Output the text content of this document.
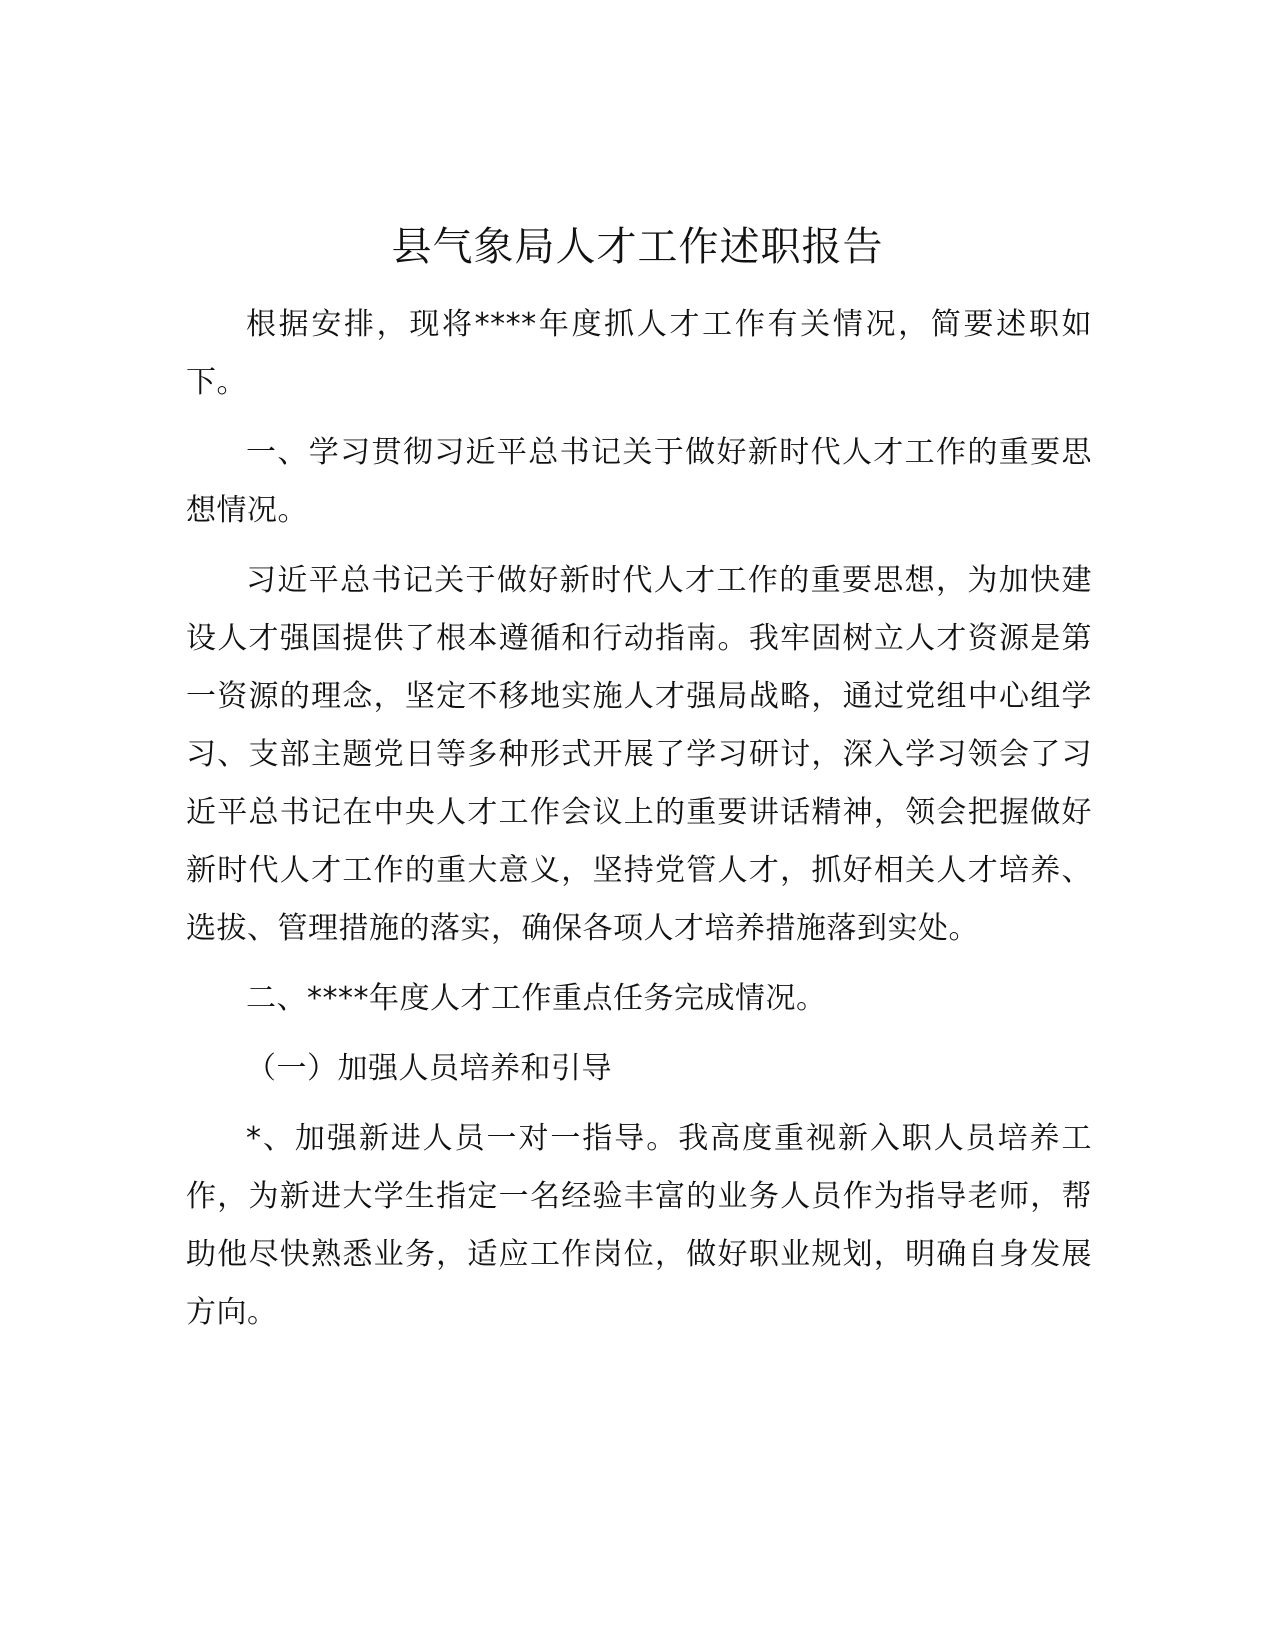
县气象局人才工作述职报告

根据安排，现将****年度抓人才工作有关情况，简要述职如下。

一、学习贯彻习近平总书记关于做好新时代人才工作的重要思想情况。

习近平总书记关于做好新时代人才工作的重要思想，为加快建设人才强国提供了根本遵循和行动指南。我牢固树立人才资源是第一资源的理念，坚定不移地实施人才强局战略，通过党组中心组学习、支部主题党日等多种形式开展了学习研讨，深入学习领会了习近平总书记在中央人才工作会议上的重要讲话精神，领会把握做好新时代人才工作的重大意义，坚持党管人才，抓好相关人才培养、选拔、管理措施的落实，确保各项人才培养措施落到实处。

二、****年度人才工作重点任务完成情况。

（一）加强人员培养和引导

*、加强新进人员一对一指导。我高度重视新入职人员培养工作，为新进大学生指定一名经验丰富的业务人员作为指导老师，帮助他尽快熟悉业务，适应工作岗位，做好职业规划，明确自身发展方向。
